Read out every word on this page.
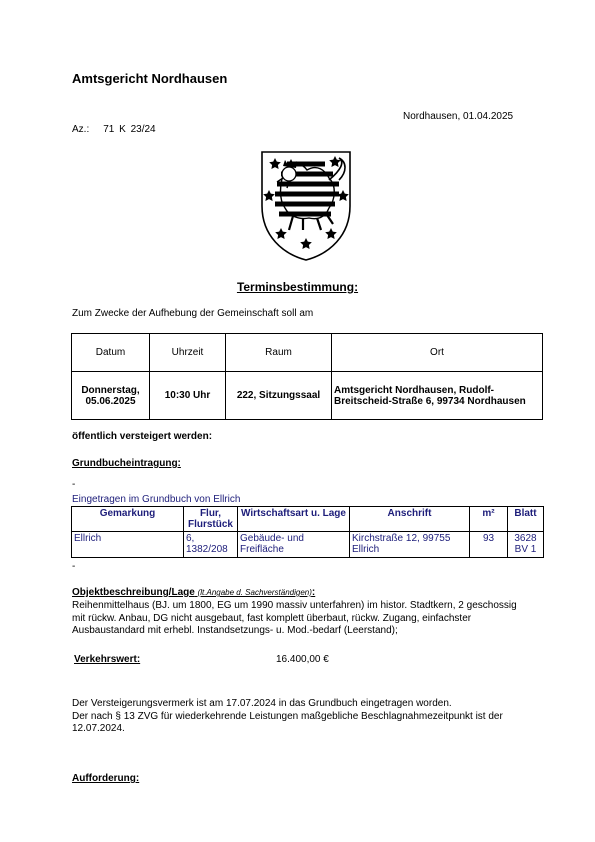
Amtsgericht Nordhausen
Nordhausen, 01.04.2025
Az.: 71 K 23/24
Terminsbestimmung:
Zum Zwecke der Aufhebung der Gemeinschaft soll am
Datum	Uhrzeit	Raum	Ort

Donnerstag,
05.06.2025	10:30 Uhr	222, Sitzungssaal	Amtsgericht Nordhausen, Rudolf-Breitscheid-Straße 6, 99734 Nordhausen
öffentlich versteigert werden:
Grundbucheintragung:
-
Eingetragen im Grundbuch von Ellrich
Gemarkung	Flur, Flurstück	Wirtschaftsart u. Lage	Anschrift	m²	Blatt
Ellrich	6, 1382/208	Gebäude- und Freifläche	Kirchstraße 12, 99755 Ellrich	93	3628 BV 1
-
Objektbeschreibung/Lage (lt.Angabe d. Sachverständigen):
Reihenmittelhaus (BJ. um 1800, EG um 1990 massiv unterfahren) im histor. Stadtkern, 2 geschossig mit rückw. Anbau, DG nicht ausgebaut, fast komplett überbaut, rückw. Zugang, einfachster Ausbaustandard mit erhebl. Instandsetzungs- u. Mod.-bedarf (Leerstand);
Verkehrswert:	16.400,00 €
Der Versteigerungsvermerk ist am 17.07.2024 in das Grundbuch eingetragen worden.
Der nach § 13 ZVG für wiederkehrende Leistungen maßgebliche Beschlagnahmezeitpunkt ist der 12.07.2024.
Aufforderung:
